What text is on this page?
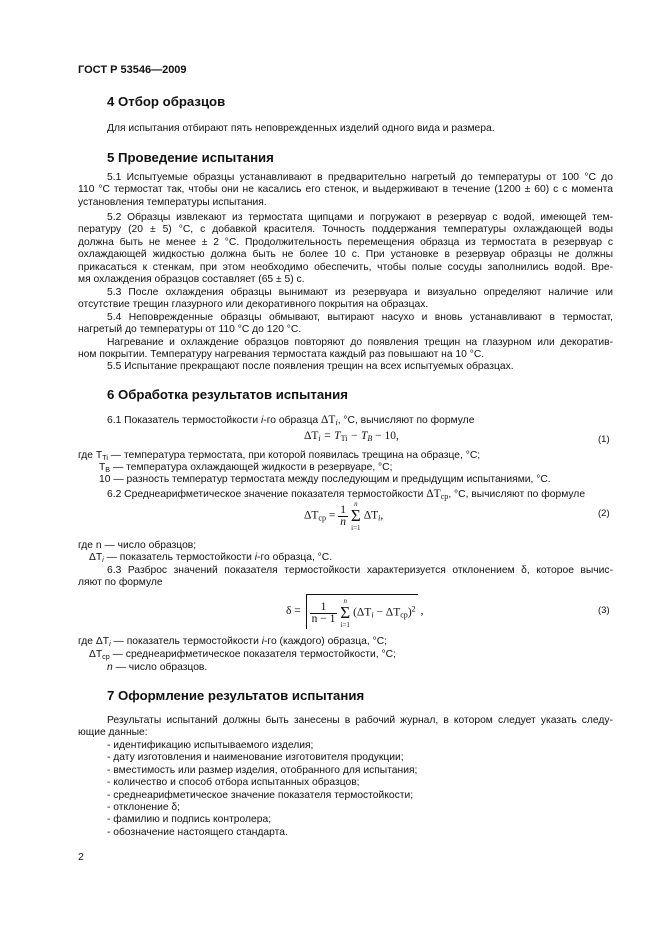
ГОСТ Р 53546—2009
4 Отбор образцов
Для испытания отбирают пять неповрежденных изделий одного вида и размера.
5 Проведение испытания
5.1 Испытуемые образцы устанавливают в предварительно нагретый до температуры от 100 °С до
110 °С термостат так, чтобы они не касались его стенок, и выдерживают в течение (1200 ± 60) с с момента
установления температуры испытания.
5.2 Образцы извлекают из термостата щипцами и погружают в резервуар с водой, имеющей тем-
пературу (20 ± 5) °С, с добавкой красителя. Точность поддержания температуры охлаждающей воды
должна быть не менее ± 2 °С. Продолжительность перемещения образца из термостата в резервуар с
охлаждающей жидкостью должна быть не более 10 с. При установке в резервуар образцы не должны
прикасаться к стенкам, при этом необходимо обеспечить, чтобы полые сосуды заполнились водой. Вре-
мя охлаждения образцов составляет (65 ± 5) с.
5.3 После охлаждения образцы вынимают из резервуара и визуально определяют наличие или
отсутствие трещин глазурного или декоративного покрытия на образцах.
5.4 Неповрежденные образцы обмывают, вытирают насухо и вновь устанавливают в термостат,
нагретый до температуры от 110 °С до 120 °С.
Нагревание и охлаждение образцов повторяют до появления трещин на глазурном или декоратив-
ном покрытии. Температуру нагревания термостата каждый раз повышают на 10 °С.
5.5 Испытание прекращают после появления трещин на всех испытуемых образцах.
6 Обработка результатов испытания
6.1 Показатель термостойкости i-го образца $\Delta T_i$, °С, вычисляют по формуле
$\Delta T_i = T_{Ti} - T_B - 10$,	(1)
где $T_{Ti}$ — температура термостата, при которой появилась трещина на образце, °С;
$T_B$ — температура охлаждающей жидкости в резервуаре, °С;
10 — разность температур термостата между последующим и предыдущим испытаниями, °С.
6.2 Среднеарифметическое значение показателя термостойкости $\Delta T_{ср}$, °С, вычисляют по формуле
$\Delta T_{ср} = \frac{1}{n}$

n
Σ
i=1
$\Delta T_i$,	(2)
где n — число образцов;
$\Delta T_i$ — показатель термостойкости i-го образца, °С.
6.3 Разброс значений показателя термостойкости характеризуется отклонением δ, которое вычис-
ляют по формуле
$\delta = \frac{1}{n - 1}$

n
Σ
i=1
$(\Delta T_i - \Delta T_{ср})^2$ ,	(3)
где $\Delta T_i$ — показатель термостойкости i-го (каждого) образца, °С;
$\Delta T_{ср}$ — среднеарифметическое показателя термостойкости, °С;
n — число образцов.
7 Оформление результатов испытания
Результаты испытаний должны быть занесены в рабочий журнал, в котором следует указать следу-
ющие данные:
- идентификацию испытываемого изделия;
- дату изготовления и наименование изготовителя продукции;
- вместимость или размер изделия, отобранного для испытания;
- количество и способ отбора испытанных образцов;
- среднеарифметическое значение показателя термостойкости;
- отклонение δ;
- фамилию и подпись контролера;
- обозначение настоящего стандарта.
2
